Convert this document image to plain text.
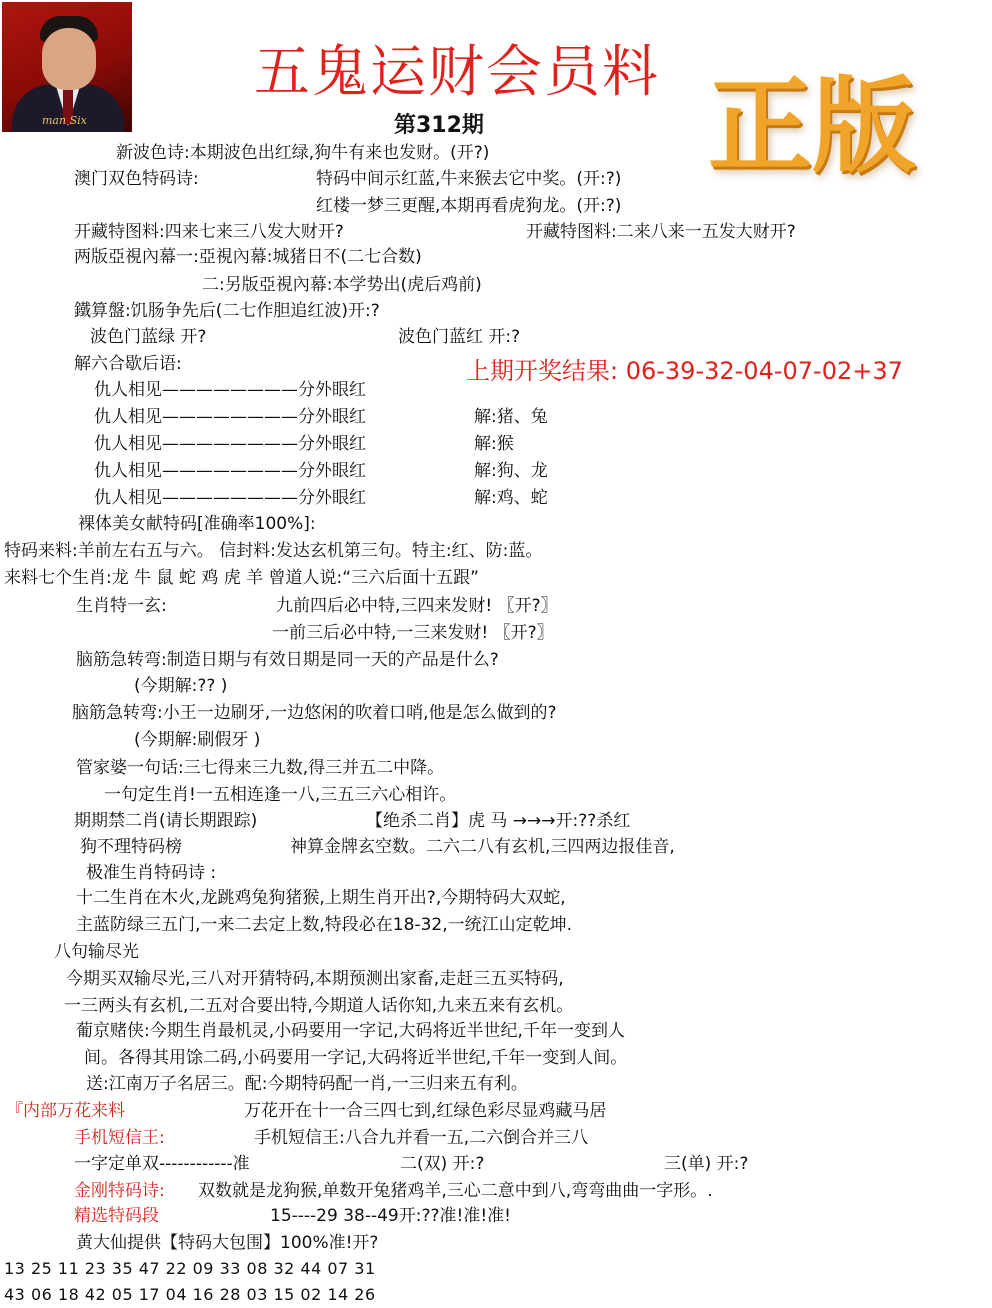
man Six
五鬼运财会员料 正版
第312期
上期开奖结果: 06-39-32-04-07-02+37
新波色诗:本期波色出红绿,狗牛有来也发财。(开?)
澳门双色特码诗:	特码中间示红蓝,牛来猴去它中奖。(开:?)
红楼一梦三更醒,本期再看虎狗龙。(开:?)
开藏特图料:四来七来三八发大财开?	开藏特图料:二来八来一五发大财开?
两版亞視內幕一:亞視內幕:城猪日不(二七合数)
二:另版亞視內幕:本学势出(虎后鸡前)
鐵算盤:饥肠争先后(二七作胆追红波)开:?
波色门蓝绿 开?	波色门蓝红 开:?
解六合歇后语:
仇人相见————————分外眼红
仇人相见————————分外眼红	解:猪、兔
仇人相见————————分外眼红	解:猴
仇人相见————————分外眼红	解:狗、龙
仇人相见————————分外眼红	解:鸡、蛇
裸体美女献特码[准确率100%]:
特码来料:羊前左右五与六。 信封料:发达玄机第三句。特主:红、防:蓝。
来料七个生肖:龙 牛 鼠 蛇 鸡 虎 羊 曾道人说:“三六后面十五跟”
生肖特一玄:	九前四后必中特,三四来发财! 〖开?〗
一前三后必中特,一三来发财! 〖开?〗
脑筋急转弯:制造日期与有效日期是同一天的产品是什么?
(今期解:?? )
脑筋急转弯:小王一边刷牙,一边悠闲的吹着口哨,他是怎么做到的?
(今期解:刷假牙 )
管家婆一句话:三七得来三九数,得三并五二中降。
一句定生肖!一五相连逢一八,三五三六心相许。
期期禁二肖(请长期跟踪)	【绝杀二肖】虎 马 →→→开:??杀红
狗不理特码榜	神算金牌玄空数。二六二八有玄机,三四两边报佳音,
极准生肖特码诗 :
十二生肖在木火,龙跳鸡兔狗猪猴,上期生肖开出?,今期特码大双蛇,
主蓝防绿三五门,一来二去定上数,特段必在18-32,一统江山定乾坤.
八句输尽光
今期买双输尽光,三八对开猜特码,本期预测出家畜,走赶三五买特码,
一三两头有玄机,二五对合要出特,今期道人话你知,九来五来有玄机。
葡京赌侠:今期生肖最机灵,小码要用一字记,大码将近半世纪,千年一变到人
间。各得其用馀二码,小码要用一字记,大码将近半世纪,千年一变到人间。
送:江南万子名居三。配:今期特码配一肖,一三归来五有利。
『内部万花来料	万花开在十一合三四七到,红绿色彩尽显鸡藏马居
手机短信王:	手机短信王:八合九并看一五,二六倒合并三八
一字定单双------------准	二(双) 开:?	三(单) 开:?
金刚特码诗: 双数就是龙狗猴,单数开兔猪鸡羊,三心二意中到八,弯弯曲曲一字形。.
精选特码段	15----29 38--49开:??准!准!准!
黄大仙提供【特码大包围】100%准!开?
13 25 11 23 35 47 22 09 33 08 32 44 07 31
43 06 18 42 05 17 04 16 28 03 15 02 14 26
